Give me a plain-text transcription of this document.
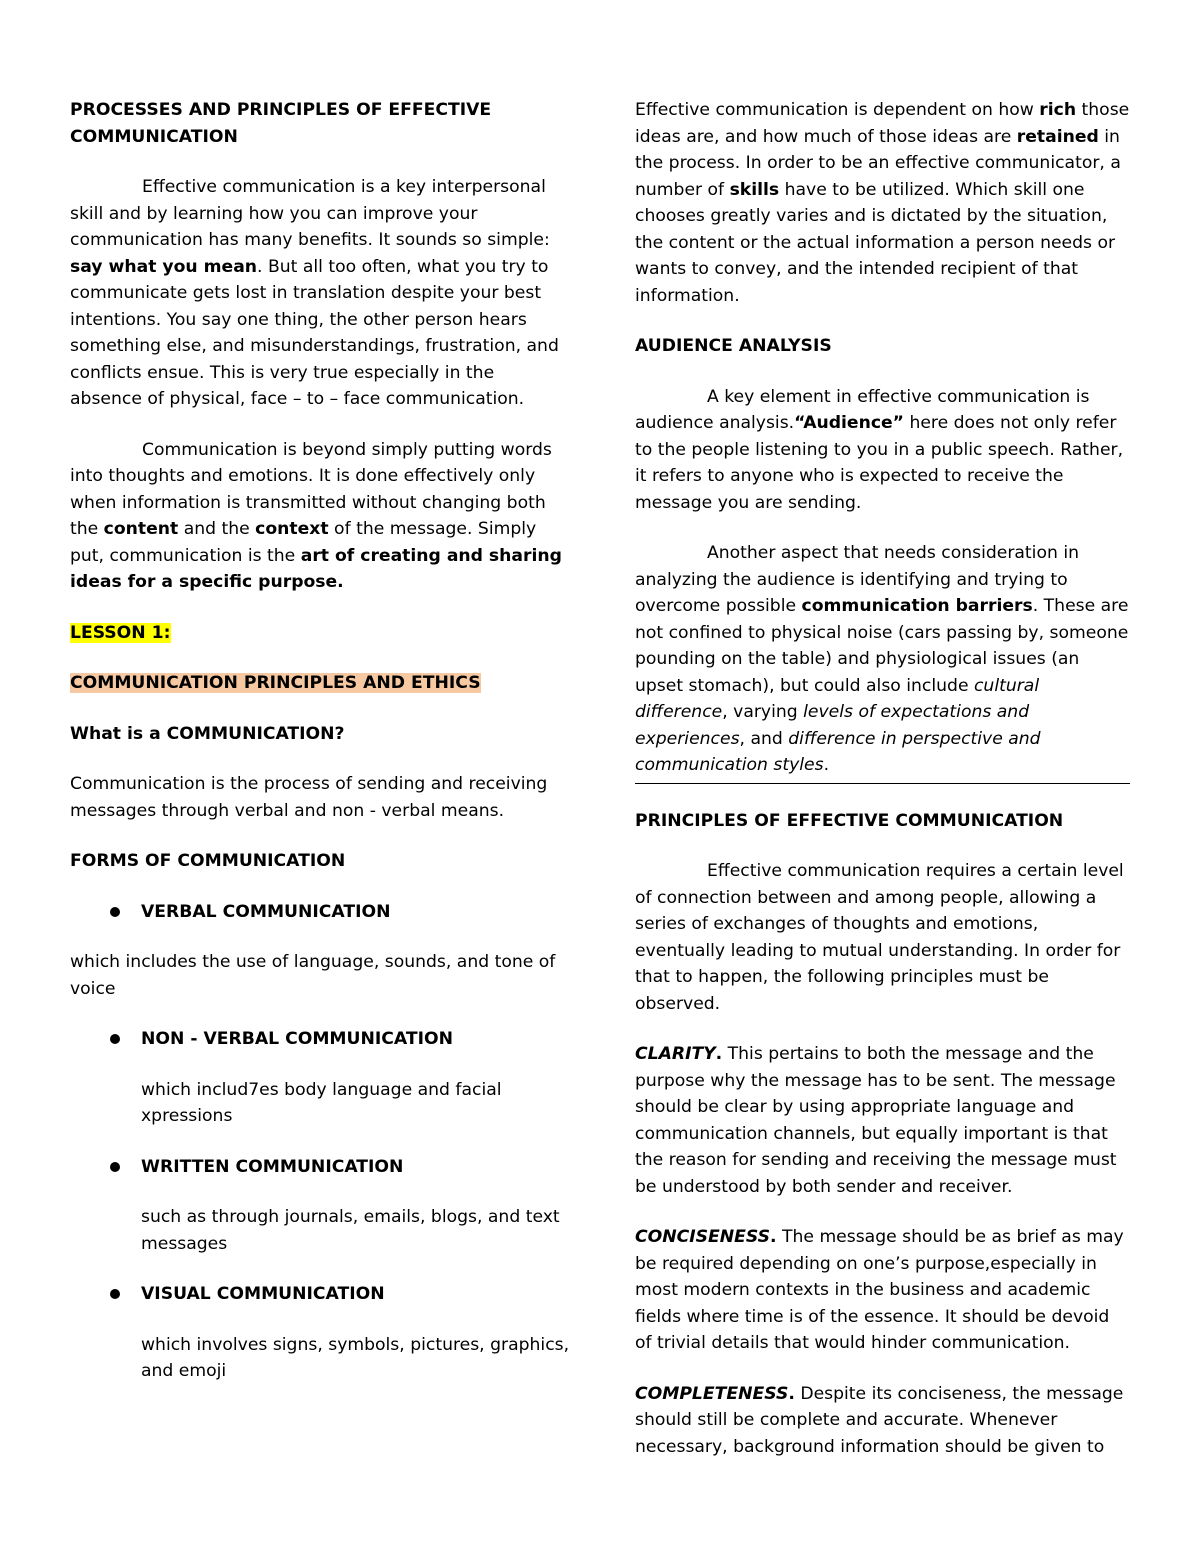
PROCESSES AND PRINCIPLES OF EFFECTIVE COMMUNICATION

Effective communication is a key interpersonal skill and by learning how you can improve your communication has many benefits. It sounds so simple: say what you mean. But all too often, what you try to communicate gets lost in translation despite your best intentions. You say one thing, the other person hears something else, and misunderstandings, frustration, and conflicts ensue. This is very true especially in the absence of physical, face – to – face communication.

Communication is beyond simply putting words into thoughts and emotions. It is done effectively only when information is transmitted without changing both the content and the context of the message. Simply put, communication is the art of creating and sharing ideas for a specific purpose.

LESSON 1:

COMMUNICATION PRINCIPLES AND ETHICS

What is a COMMUNICATION?

Communication is the process of sending and receiving messages through verbal and non - verbal means.

FORMS OF COMMUNICATION

VERBAL COMMUNICATION

which includes the use of language, sounds, and tone of voice

NON - VERBAL COMMUNICATION

which includ7es body language and facial xpressions

WRITTEN COMMUNICATION

such as through journals, emails, blogs, and text messages

VISUAL COMMUNICATION

which involves signs, symbols, pictures, graphics, and emoji

Effective communication is dependent on how rich those ideas are, and how much of those ideas are retained in the process. In order to be an effective communicator, a number of skills have to be utilized. Which skill one chooses greatly varies and is dictated by the situation, the content or the actual information a person needs or wants to convey, and the intended recipient of that information.

AUDIENCE ANALYSIS

A key element in effective communication is audience analysis.“Audience” here does not only refer to the people listening to you in a public speech. Rather, it refers to anyone who is expected to receive the message you are sending.

Another aspect that needs consideration in analyzing the audience is identifying and trying to overcome possible communication barriers. These are not confined to physical noise (cars passing by, someone pounding on the table) and physiological issues (an upset stomach), but could also include cultural difference, varying levels of expectations and experiences, and difference in perspective and communication styles.

PRINCIPLES OF EFFECTIVE COMMUNICATION

Effective communication requires a certain level of connection between and among people, allowing a series of exchanges of thoughts and emotions, eventually leading to mutual understanding. In order for that to happen, the following principles must be observed.

CLARITY. This pertains to both the message and the purpose why the message has to be sent. The message should be clear by using appropriate language and communication channels, but equally important is that the reason for sending and receiving the message must be understood by both sender and receiver.

CONCISENESS. The message should be as brief as may be required depending on one’s purpose,especially in most modern contexts in the business and academic fields where time is of the essence. It should be devoid of trivial details that would hinder communication.

COMPLETENESS. Despite its conciseness, the message should still be complete and accurate. Whenever necessary, background information should be given to
